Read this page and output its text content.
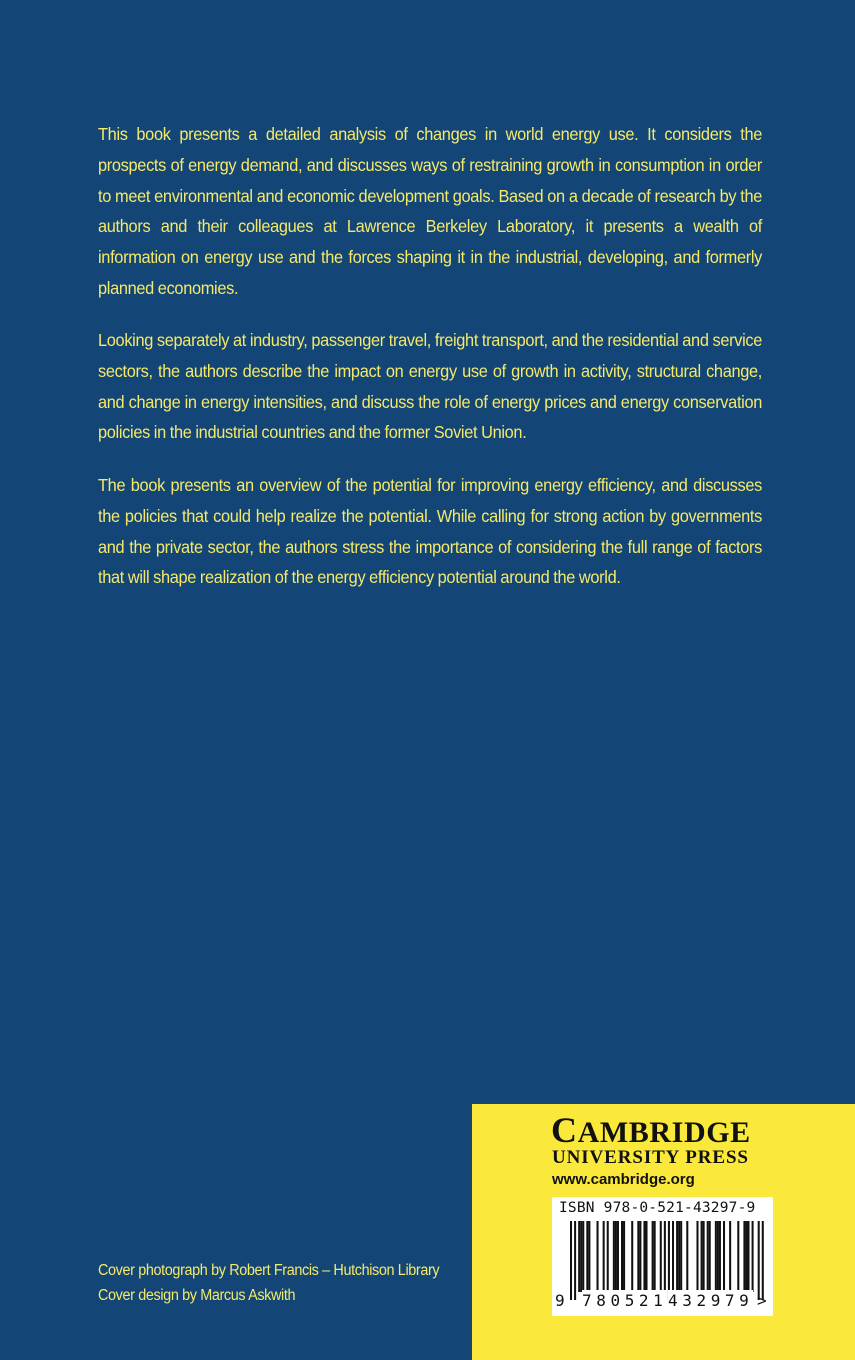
This book presents a detailed analysis of changes in world energy use. It considers the prospects of energy demand, and discusses ways of restraining growth in consumption in order to meet environmental and economic development goals. Based on a decade of research by the authors and their colleagues at Lawrence Berkeley Laboratory, it presents a wealth of information on energy use and the forces shaping it in the industrial, developing, and formerly planned economies.

Looking separately at industry, passenger travel, freight transport, and the residential and service sectors, the authors describe the impact on energy use of growth in activity, structural change, and change in energy intensities, and discuss the role of energy prices and energy conservation policies in the industrial countries and the former Soviet Union.

The book presents an overview of the potential for improving energy efficiency, and discusses the policies that could help realize the potential. While calling for strong action by governments and the private sector, the authors stress the importance of considering the full range of factors that will shape realization of the energy efficiency potential around the world.

Cover photograph by Robert Francis – Hutchison Library
Cover design by Marcus Askwith
CAMBRIDGE
UNIVERSITY PRESS
www.cambridge.org
ISBN 978-0-521-43297-9
9 780521 432979 >
